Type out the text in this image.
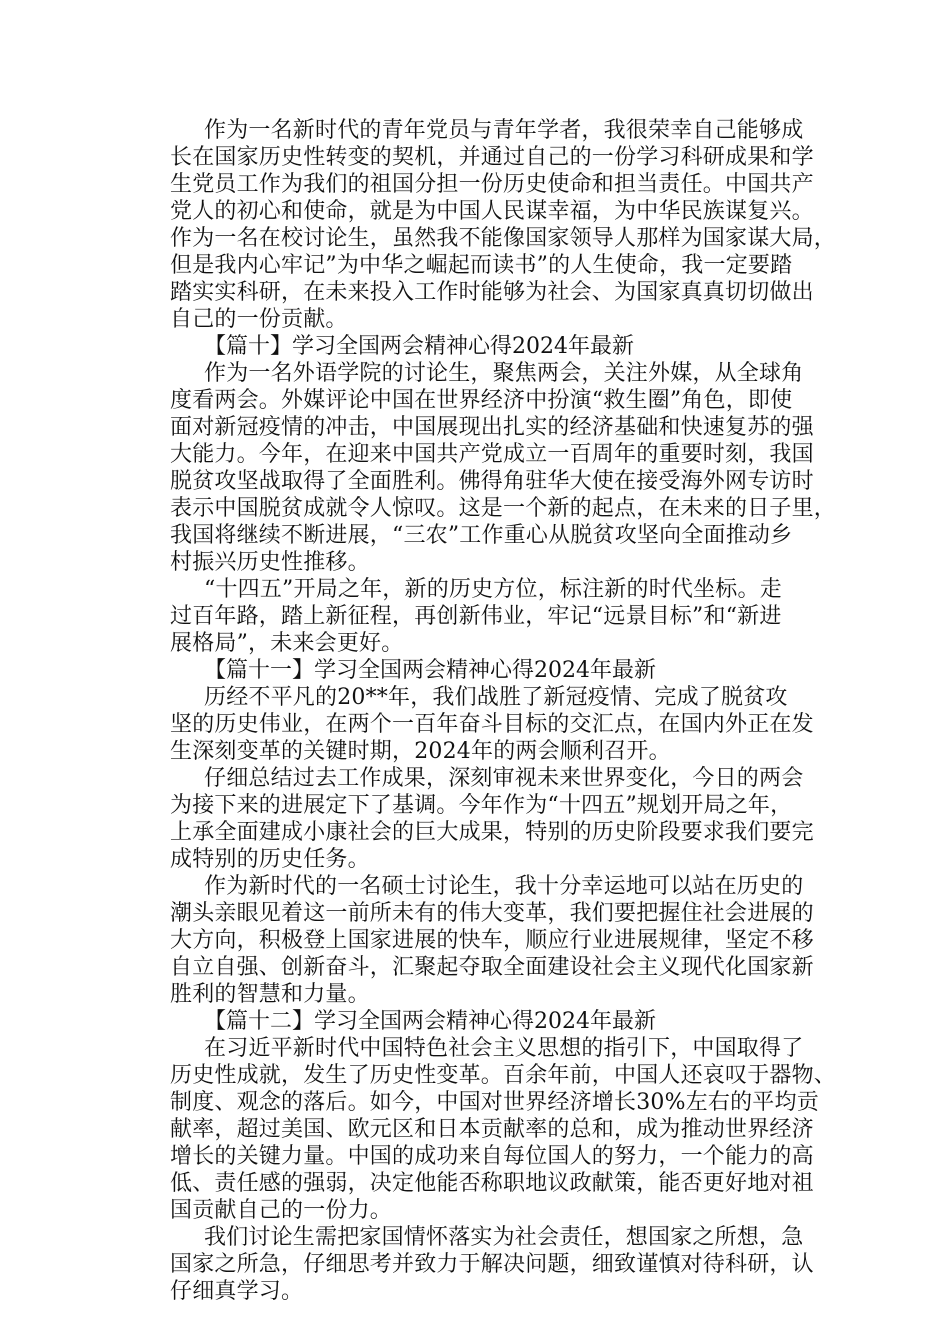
作为一名新时代的青年党员与青年学者，我很荣幸自己能够成
长在国家历史性转变的契机，并通过自己的一份学习科研成果和学
生党员工作为我们的祖国分担一份历史使命和担当责任。中国共产
党人的初心和使命，就是为中国人民谋幸福，为中华民族谋复兴。
作为一名在校讨论生，虽然我不能像国家领导人那样为国家谋大局，
但是我内心牢记”为中华之崛起而读书”的人生使命，我一定要踏
踏实实科研，在未来投入工作时能够为社会、为国家真真切切做出
自己的一份贡献。
【篇十】学习全国两会精神心得2024年最新
作为一名外语学院的讨论生，聚焦两会，关注外媒，从全球角
度看两会。外媒评论中国在世界经济中扮演“救生圈”角色，即使
面对新冠疫情的冲击，中国展现出扎实的经济基础和快速复苏的强
大能力。今年，在迎来中国共产党成立一百周年的重要时刻，我国
脱贫攻坚战取得了全面胜利。佛得角驻华大使在接受海外网专访时
表示中国脱贫成就令人惊叹。这是一个新的起点，在未来的日子里，
我国将继续不断进展，“三农”工作重心从脱贫攻坚向全面推动乡
村振兴历史性推移。
“十四五”开局之年，新的历史方位，标注新的时代坐标。走
过百年路，踏上新征程，再创新伟业，牢记“远景目标”和“新进
展格局”，未来会更好。
【篇十一】学习全国两会精神心得2024年最新
历经不平凡的20**年，我们战胜了新冠疫情、完成了脱贫攻
坚的历史伟业，在两个一百年奋斗目标的交汇点，在国内外正在发
生深刻变革的关键时期，2024年的两会顺利召开。
仔细总结过去工作成果，深刻审视未来世界变化，今日的两会
为接下来的进展定下了基调。今年作为“十四五”规划开局之年，
上承全面建成小康社会的巨大成果，特别的历史阶段要求我们要完
成特别的历史任务。
作为新时代的一名硕士讨论生，我十分幸运地可以站在历史的
潮头亲眼见着这一前所未有的伟大变革，我们要把握住社会进展的
大方向，积极登上国家进展的快车，顺应行业进展规律，坚定不移
自立自强、创新奋斗，汇聚起夺取全面建设社会主义现代化国家新
胜利的智慧和力量。
【篇十二】学习全国两会精神心得2024年最新
在习近平新时代中国特色社会主义思想的指引下，中国取得了
历史性成就，发生了历史性变革。百余年前，中国人还哀叹于器物、
制度、观念的落后。如今，中国对世界经济增长30%左右的平均贡
献率，超过美国、欧元区和日本贡献率的总和，成为推动世界经济
增长的关键力量。中国的成功来自每位国人的努力，一个能力的高
低、责任感的强弱，决定他能否称职地议政献策，能否更好地对祖
国贡献自己的一份力。
我们讨论生需把家国情怀落实为社会责任，想国家之所想，急
国家之所急，仔细思考并致力于解决问题，细致谨慎对待科研，认
仔细真学习。
